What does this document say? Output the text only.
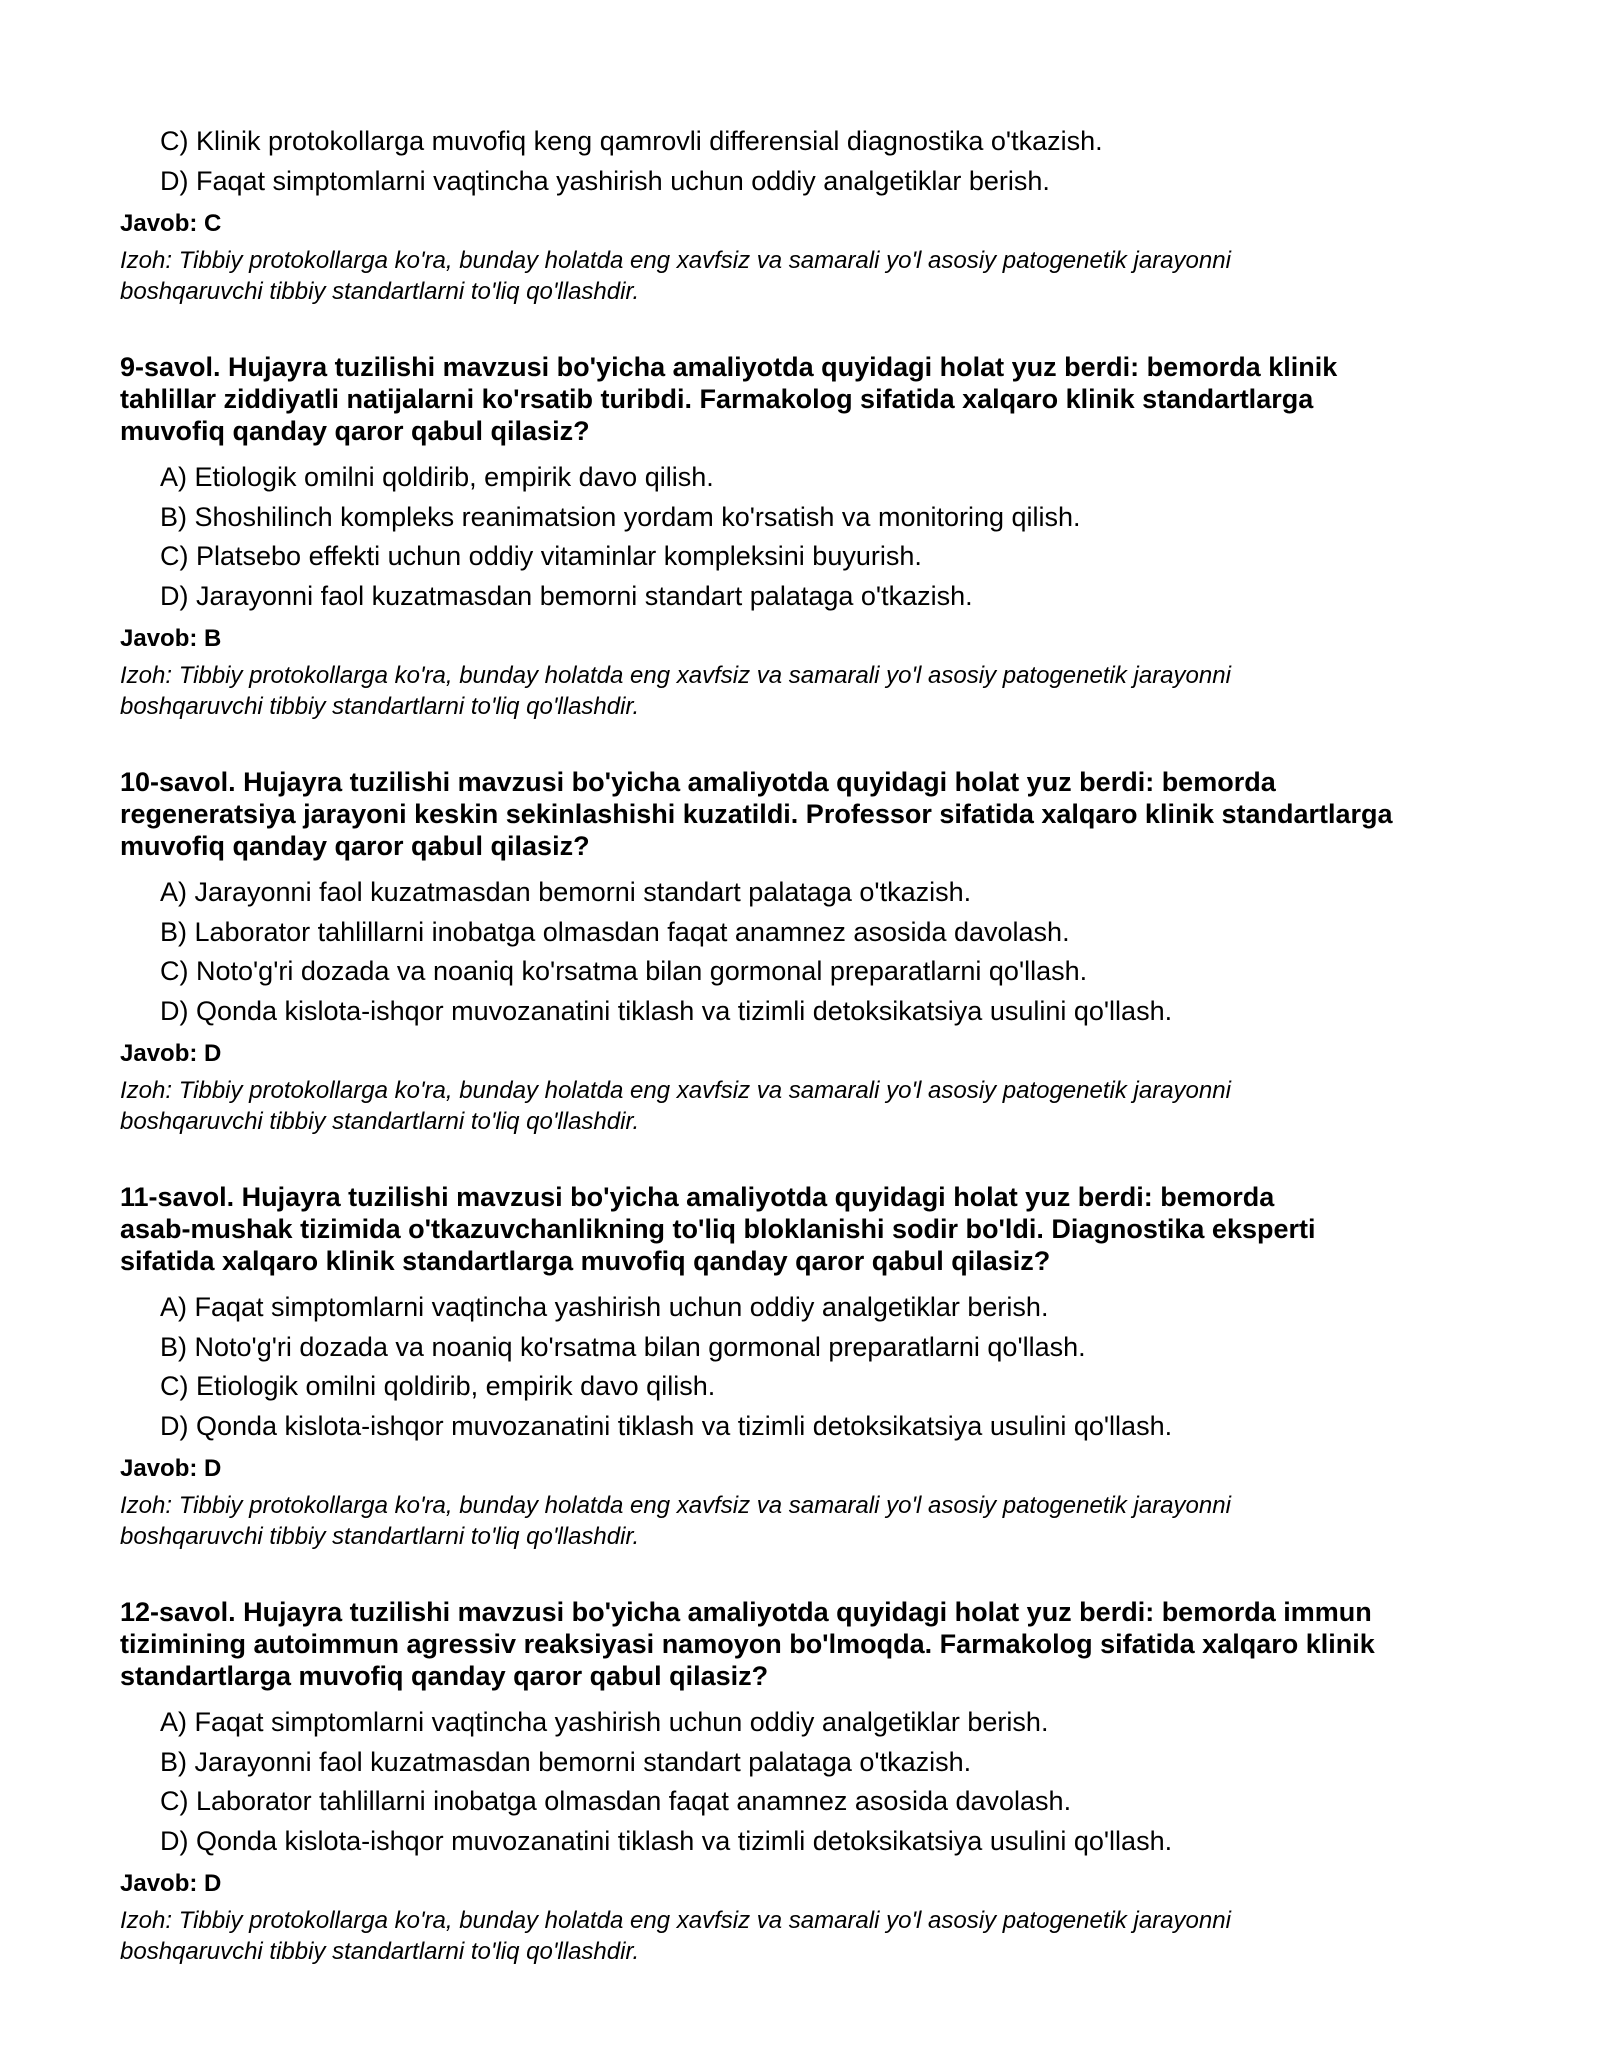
C) Klinik protokollarga muvofiq keng qamrovli differensial diagnostika o'tkazish.
D) Faqat simptomlarni vaqtincha yashirish uchun oddiy analgetiklar berish.
Javob: C
Izoh: Tibbiy protokollarga ko'ra, bunday holatda eng xavfsiz va samarali yo'l asosiy patogenetik jarayonni boshqaruvchi tibbiy standartlarni to'liq qo'llashdir.
9-savol. Hujayra tuzilishi mavzusi bo'yicha amaliyotda quyidagi holat yuz berdi: bemorda klinik
tahlillar ziddiyatli natijalarni ko'rsatib turibdi. Farmakolog sifatida xalqaro klinik standartlarga
muvofiq qanday qaror qabul qilasiz?
A) Etiologik omilni qoldirib, empirik davo qilish.
B) Shoshilinch kompleks reanimatsion yordam ko'rsatish va monitoring qilish.
C) Platsebo effekti uchun oddiy vitaminlar kompleksini buyurish.
D) Jarayonni faol kuzatmasdan bemorni standart palataga o'tkazish.
Javob: B
Izoh: Tibbiy protokollarga ko'ra, bunday holatda eng xavfsiz va samarali yo'l asosiy patogenetik jarayonni boshqaruvchi tibbiy standartlarni to'liq qo'llashdir.
10-savol. Hujayra tuzilishi mavzusi bo'yicha amaliyotda quyidagi holat yuz berdi: bemorda
regeneratsiya jarayoni keskin sekinlashishi kuzatildi. Professor sifatida xalqaro klinik standartlarga
muvofiq qanday qaror qabul qilasiz?
A) Jarayonni faol kuzatmasdan bemorni standart palataga o'tkazish.
B) Laborator tahlillarni inobatga olmasdan faqat anamnez asosida davolash.
C) Noto'g'ri dozada va noaniq ko'rsatma bilan gormonal preparatlarni qo'llash.
D) Qonda kislota-ishqor muvozanatini tiklash va tizimli detoksikatsiya usulini qo'llash.
Javob: D
Izoh: Tibbiy protokollarga ko'ra, bunday holatda eng xavfsiz va samarali yo'l asosiy patogenetik jarayonni boshqaruvchi tibbiy standartlarni to'liq qo'llashdir.
11-savol. Hujayra tuzilishi mavzusi bo'yicha amaliyotda quyidagi holat yuz berdi: bemorda
asab-mushak tizimida o'tkazuvchanlikning to'liq bloklanishi sodir bo'ldi. Diagnostika eksperti
sifatida xalqaro klinik standartlarga muvofiq qanday qaror qabul qilasiz?
A) Faqat simptomlarni vaqtincha yashirish uchun oddiy analgetiklar berish.
B) Noto'g'ri dozada va noaniq ko'rsatma bilan gormonal preparatlarni qo'llash.
C) Etiologik omilni qoldirib, empirik davo qilish.
D) Qonda kislota-ishqor muvozanatini tiklash va tizimli detoksikatsiya usulini qo'llash.
Javob: D
Izoh: Tibbiy protokollarga ko'ra, bunday holatda eng xavfsiz va samarali yo'l asosiy patogenetik jarayonni boshqaruvchi tibbiy standartlarni to'liq qo'llashdir.
12-savol. Hujayra tuzilishi mavzusi bo'yicha amaliyotda quyidagi holat yuz berdi: bemorda immun
tizimining autoimmun agressiv reaksiyasi namoyon bo'lmoqda. Farmakolog sifatida xalqaro klinik
standartlarga muvofiq qanday qaror qabul qilasiz?
A) Faqat simptomlarni vaqtincha yashirish uchun oddiy analgetiklar berish.
B) Jarayonni faol kuzatmasdan bemorni standart palataga o'tkazish.
C) Laborator tahlillarni inobatga olmasdan faqat anamnez asosida davolash.
D) Qonda kislota-ishqor muvozanatini tiklash va tizimli detoksikatsiya usulini qo'llash.
Javob: D
Izoh: Tibbiy protokollarga ko'ra, bunday holatda eng xavfsiz va samarali yo'l asosiy patogenetik jarayonni boshqaruvchi tibbiy standartlarni to'liq qo'llashdir.
